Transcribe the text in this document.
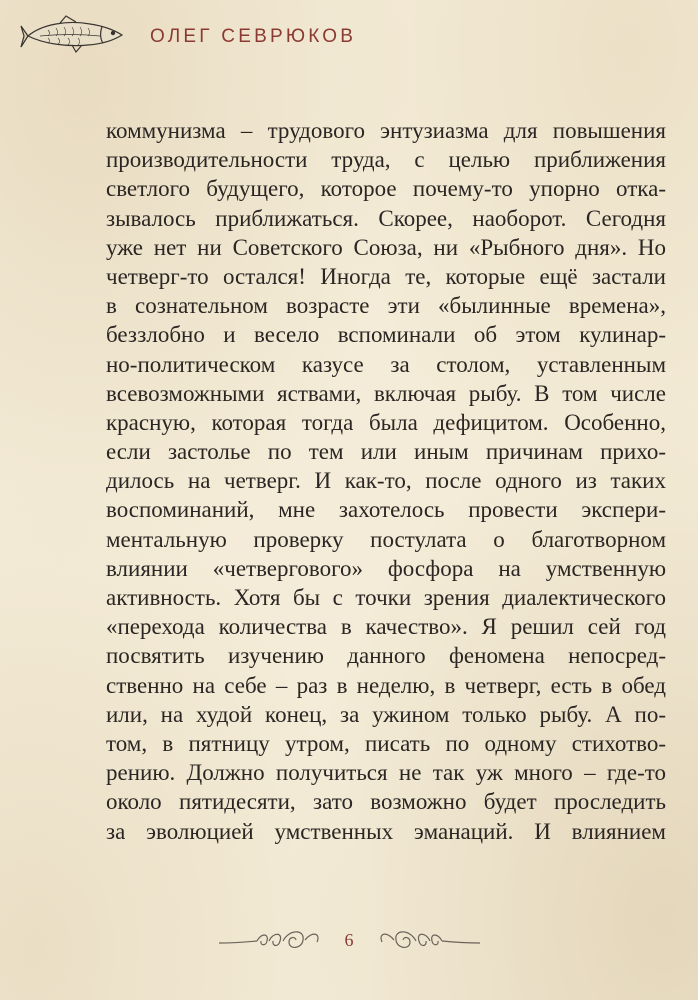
ОЛЕГ СЕВРЮКОВ
коммунизма – трудового энтузиазма для повышения
производительности труда, с целью приближения
светлого будущего, которое почему-то упорно отка-
зывалось приближаться. Скорее, наоборот. Сегодня
уже нет ни Советского Союза, ни «Рыбного дня». Но
четверг-то остался! Иногда те, которые ещё застали
в сознательном возрасте эти «былинные времена»,
беззлобно и весело вспоминали об этом кулинар-
но-политическом казусе за столом, уставленным
всевозможными яствами, включая рыбу. В том числе
красную, которая тогда была дефицитом. Особенно,
если застолье по тем или иным причинам прихо-
дилось на четверг. И как-то, после одного из таких
воспоминаний, мне захотелось провести экспери-
ментальную проверку постулата о благотворном
влиянии «четвергового» фосфора на умственную
активность. Хотя бы с точки зрения диалектического
«перехода количества в качество». Я решил сей год
посвятить изучению данного феномена непосред-
ственно на себе – раз в неделю, в четверг, есть в обед
или, на худой конец, за ужином только рыбу. А по-
том, в пятницу утром, писать по одному стихотво-
рению. Должно получиться не так уж много – где-то
около пятидесяти, зато возможно будет проследить
за эволюцией умственных эманаций. И влиянием
6
